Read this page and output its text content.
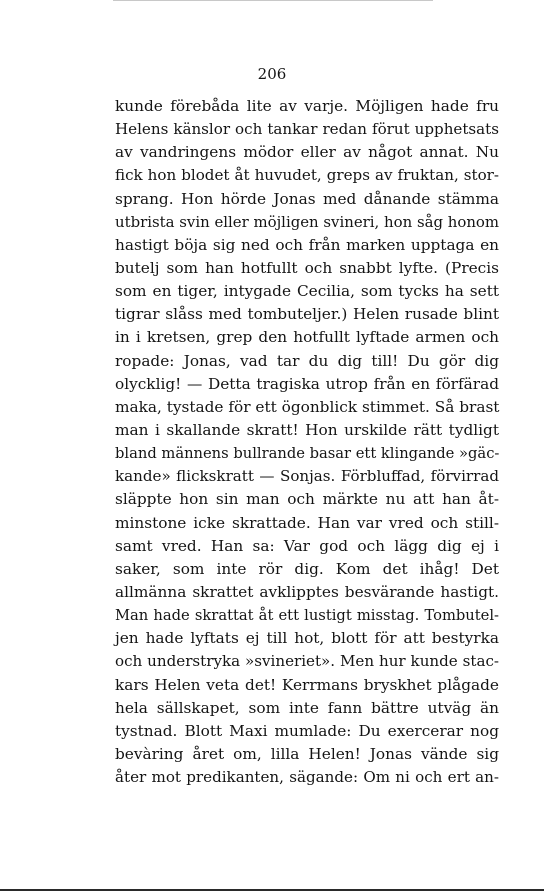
206
kunde förebåda lite av varje. Möjligen hade fru
Helens känslor och tankar redan förut upphetsats
av vandringens mödor eller av något annat. Nu
fick hon blodet åt huvudet, greps av fruktan, stor-
sprang. Hon hörde Jonas med dånande stämma
utbrista svin eller möjligen svineri, hon såg honom
hastigt böja sig ned och från marken upptaga en
butelj som han hotfullt och snabbt lyfte. (Precis
som en tiger, intygade Cecilia, som tycks ha sett
tigrar slåss med tombuteljer.) Helen rusade blint
in i kretsen, grep den hotfullt lyftade armen och
ropade: Jonas, vad tar du dig till! Du gör dig
olycklig! — Detta tragiska utrop från en förfärad
maka, tystade för ett ögonblick stimmet. Så brast
man i skallande skratt! Hon urskilde rätt tydligt
bland männens bullrande basar ett klingande »gäc-
kande» flickskratt — Sonjas. Förbluffad, förvirrad
släppte hon sin man och märkte nu att han åt-
minstone icke skrattade. Han var vred och still-
samt vred. Han sa: Var god och lägg dig ej i
saker, som inte rör dig. Kom det ihåg! Det
allmänna skrattet avklipptes besvärande hastigt.
Man hade skrattat åt ett lustigt misstag. Tombutel-
jen hade lyftats ej till hot, blott för att bestyrka
och understryka »svineriet». Men hur kunde stac-
kars Helen veta det! Kerrmans bryskhet plågade
hela sällskapet, som inte fann bättre utväg än
tystnad. Blott Maxi mumlade: Du exercerar nog
bevàring året om, lilla Helen! Jonas vände sig
åter mot predikanten, sägande: Om ni och ert an-
